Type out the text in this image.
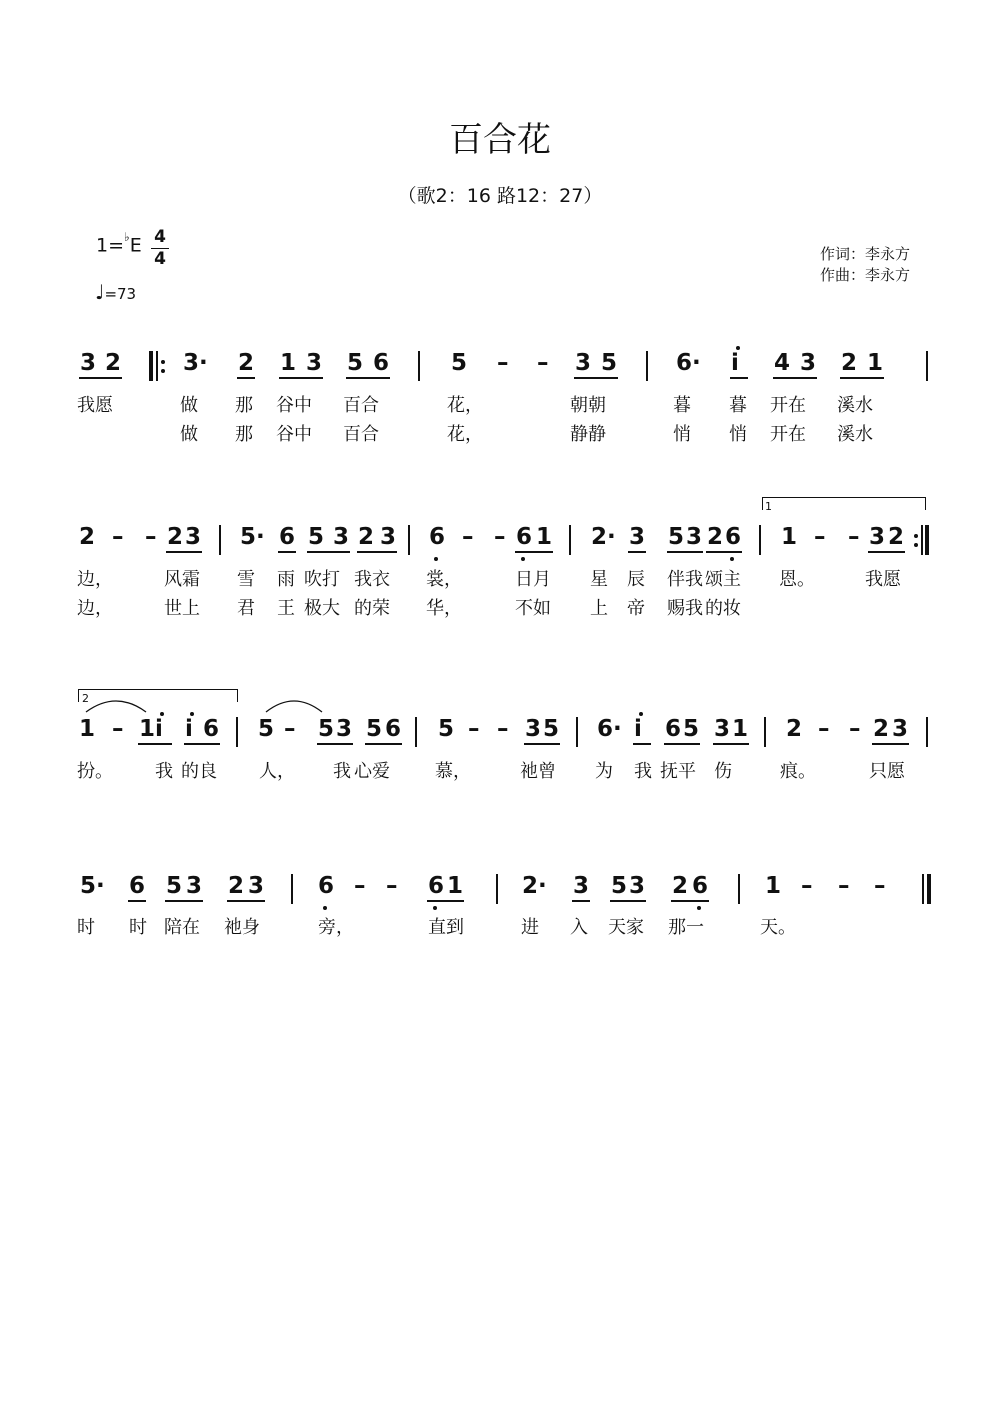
百合花
（歌2：16 路12：27）
1=♭E 4
4
♩=73
作词：李永方
作曲：李永方
3 2	3· 2 1 3 5 6	5 – – 3 5	6· i 4 3 2 1
我愿	做 那 谷中 百合	花，	朝朝	暮 暮 开在 溪水
做 那 谷中 百合	花，	静静	悄 悄 开在 溪水
2 – – 2 3 5· 6 5 3 2 3 6 – – 6 1 2· 3 5 3 2 6 1 – – 3 2
边，	风霜 雪 雨 吹打 我衣 裳，	日月 星 辰 伴我 颂主 恩。	我愿
边，	世上 君 王 极大 的荣 华，	不如 上 帝 赐我 的妆
1 – 1 i i 6 5 – 5 3 5 6 5 – – 3 5 6· i 6 5 3 1 2 – – 2 3
扮。 我 的良 人， 我 心爱	慕，	祂曾 为 我 抚平 伤	痕。	只愿
5· 6 5 3 2 3 6 – – 6 1	2· 3 5 3 2 6 1 – – –
时 时 陪在 祂身	旁，	直到	进 入 天家 那一	天。
1
2
